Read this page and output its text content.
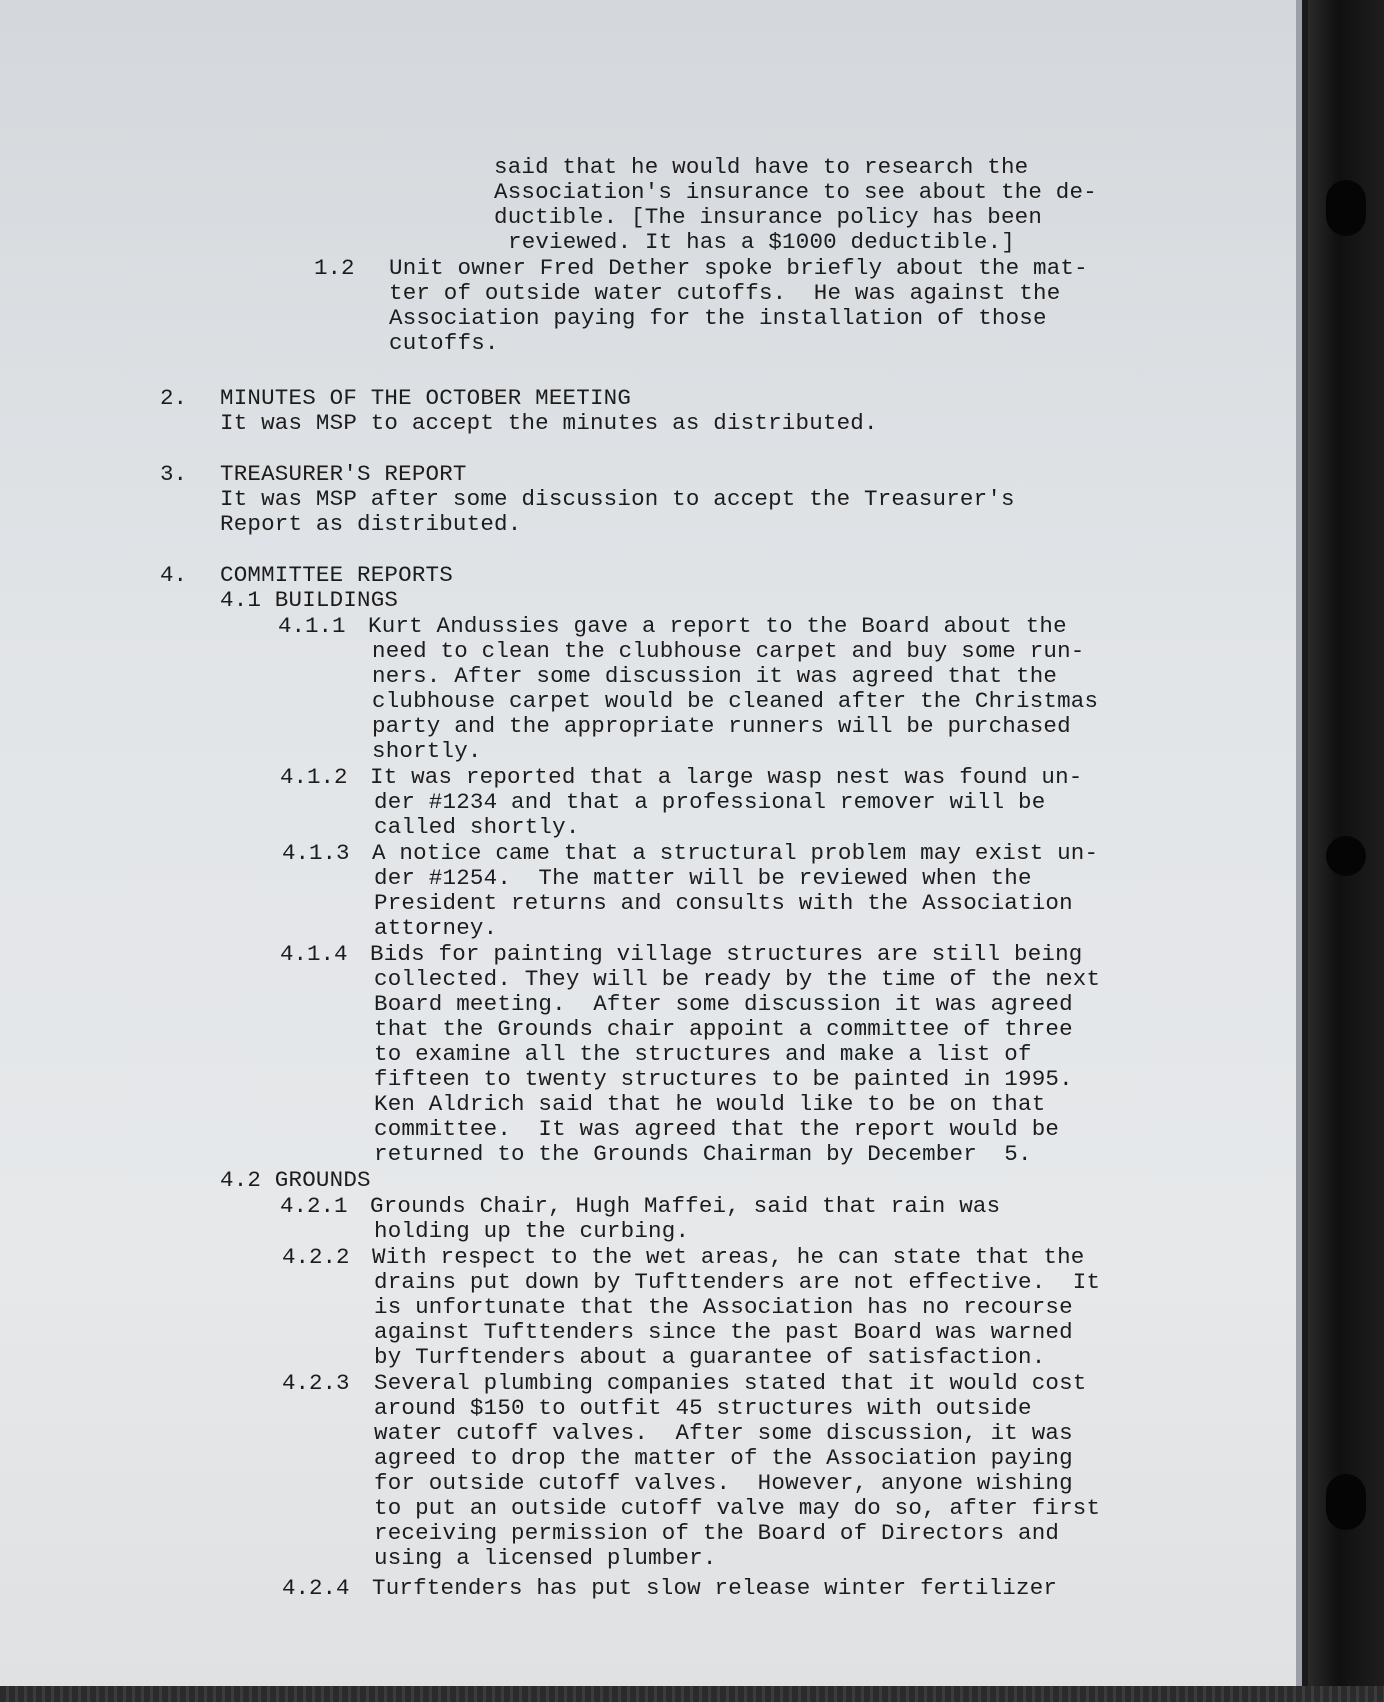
said that he would have to research the
Association's insurance to see about the de-
ductible. [The insurance policy has been
reviewed. It has a $1000 deductible.]
1.2 Unit owner Fred Dether spoke briefly about the mat-
ter of outside water cutoffs.  He was against the
Association paying for the installation of those
cutoffs.
2. MINUTES OF THE OCTOBER MEETING
It was MSP to accept the minutes as distributed.
3. TREASURER'S REPORT
It was MSP after some discussion to accept the Treasurer's
Report as distributed.
4. COMMITTEE REPORTS
4.1 BUILDINGS
4.1.1 Kurt Andussies gave a report to the Board about the
need to clean the clubhouse carpet and buy some run-
ners. After some discussion it was agreed that the
clubhouse carpet would be cleaned after the Christmas
party and the appropriate runners will be purchased
shortly.
4.1.2 It was reported that a large wasp nest was found un-
der #1234 and that a professional remover will be
called shortly.
4.1.3 A notice came that a structural problem may exist un-
der #1254.  The matter will be reviewed when the
President returns and consults with the Association
attorney.
4.1.4 Bids for painting village structures are still being
collected. They will be ready by the time of the next
Board meeting.  After some discussion it was agreed
that the Grounds chair appoint a committee of three
to examine all the structures and make a list of
fifteen to twenty structures to be painted in 1995.
Ken Aldrich said that he would like to be on that
committee.  It was agreed that the report would be
returned to the Grounds Chairman by December  5.
4.2 GROUNDS
4.2.1 Grounds Chair, Hugh Maffei, said that rain was
holding up the curbing.
4.2.2 With respect to the wet areas, he can state that the
drains put down by Tufttenders are not effective.  It
is unfortunate that the Association has no recourse
against Tufttenders since the past Board was warned
by Turftenders about a guarantee of satisfaction.
4.2.3 Several plumbing companies stated that it would cost
around $150 to outfit 45 structures with outside
water cutoff valves.  After some discussion, it was
agreed to drop the matter of the Association paying
for outside cutoff valves.  However, anyone wishing
to put an outside cutoff valve may do so, after first
receiving permission of the Board of Directors and
using a licensed plumber.
4.2.4 Turftenders has put slow release winter fertilizer
